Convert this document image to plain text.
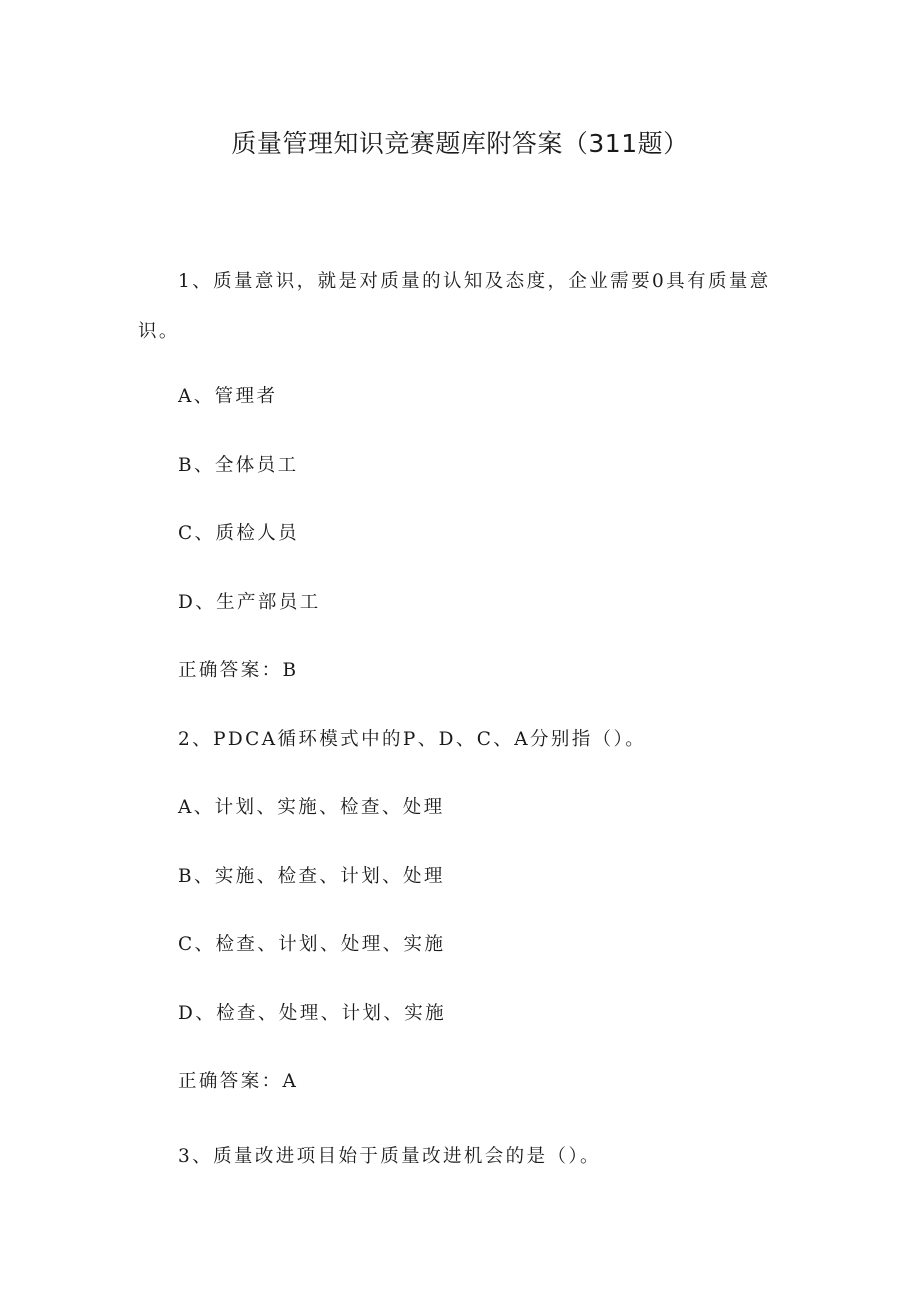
质量管理知识竞赛题库附答案（311题）
1、质量意识，就是对质量的认知及态度，企业需要0具有质量意
识。
A、管理者
B、全体员工
C、质检人员
D、生产部员工
正确答案：B
2、PDCA循环模式中的P、D、C、A分别指（）。
A、计划、实施、检查、处理
B、实施、检查、计划、处理
C、检查、计划、处理、实施
D、检查、处理、计划、实施
正确答案：A
3、质量改进项目始于质量改进机会的是（）。
